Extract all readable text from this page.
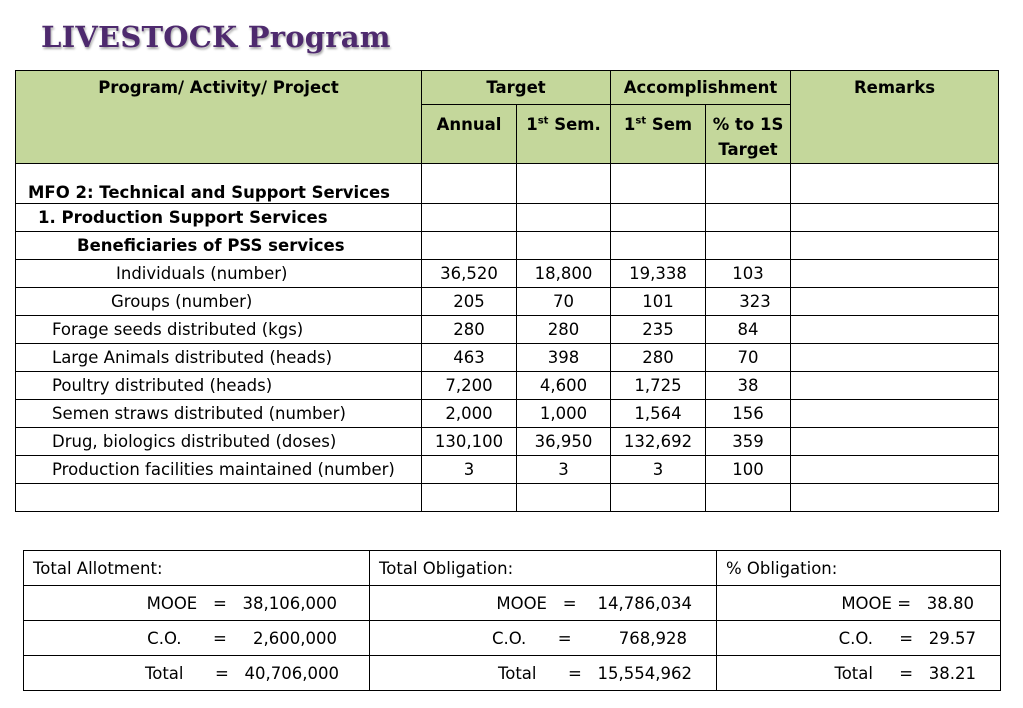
LIVESTOCK Program
Program/ Activity/ Project	Target		Accomplishment		Remarks
	Annual	1st Sem.	1st Sem	% to 1S
Target	
MFO 2: Technical and Support Services					
1. Production Support Services					
Beneficiaries of PSS services					
Individuals (number)	36,520	18,800	19,338	103	
Groups (number)	205	70	101	323	
Forage seeds distributed (kgs)	280	280	235	84	
Large Animals distributed (heads)	463	398	280	70	
Poultry distributed (heads)	7,200	4,600	1,725	38	
Semen straws distributed (number)	2,000	1,000	1,564	156	
Drug, biologics distributed (doses)	130,100	36,950	132,692	359	
Production facilities maintained (number)	3	3	3	100	

Total Allotment:	Total Obligation:	% Obligation:
MOOE   =   38,106,000	MOOE   =    14,786,034	MOOE =   38.80
C.O.      =     2,600,000	C.O.      =         768,928	C.O.     =   29.57
Total      =   40,706,000	Total      =   15,554,962	Total     =   38.21
